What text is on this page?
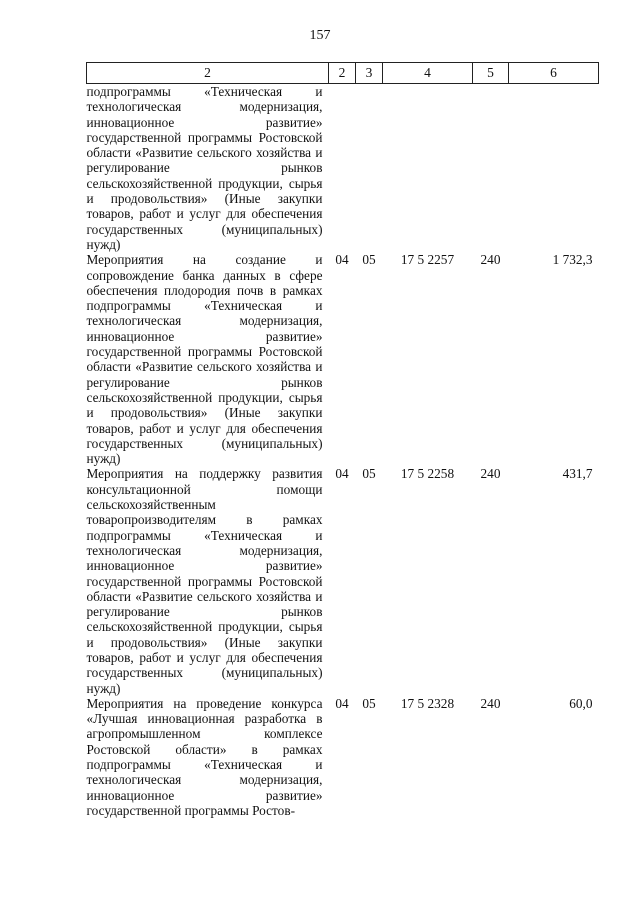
157
2	2	3	4	5	6
подпрограммы «Техническая и технологическая модернизация, инновационное развитие» государственной программы Ростовской области «Развитие сельского хозяйства и регулирование рынков сельскохозяйственной продукции, сырья и продовольствия» (Иные закупки товаров, работ и услуг для обеспечения государственных (муниципальных) нужд)					
Мероприятия на создание и сопровождение банка данных в сфере обеспечения плодородия почв в рамках подпрограммы «Техническая и технологическая модернизация, инновационное развитие» государственной программы Ростовской области «Развитие сельского хозяйства и регулирование рынков сельскохозяйственной продукции, сырья и продовольствия» (Иные закупки товаров, работ и услуг для обеспечения государственных (муниципальных) нужд)	04	05	17 5 2257	240	1 732,3
Мероприятия на поддержку развития консультационной помощи сельскохозяйственным товаропроизводителям в рамках подпрограммы «Техническая и технологическая модернизация, инновационное развитие» государственной программы Ростовской области «Развитие сельского хозяйства и регулирование рынков сельскохозяйственной продукции, сырья и продовольствия» (Иные закупки товаров, работ и услуг для обеспечения государственных (муниципальных) нужд)	04	05	17 5 2258	240	431,7
Мероприятия на проведение конкурса «Лучшая инновационная разработка в агропромышленном комплексе Ростовской области» в рамках подпрограммы «Техническая и технологическая модернизация, инновационное развитие» государственной программы Ростов-	04	05	17 5 2328	240	60,0
